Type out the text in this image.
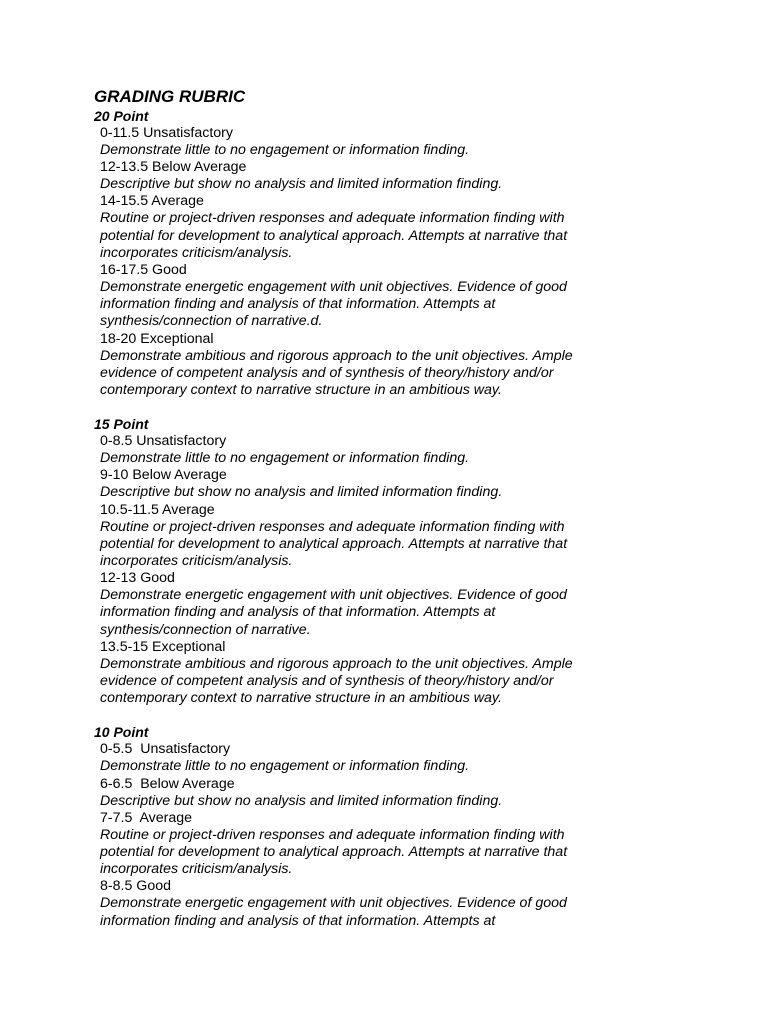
GRADING RUBRIC
20 Point
0-11.5 Unsatisfactory

Demonstrate little to no engagement or information finding.

12-13.5 Below Average

Descriptive but show no analysis and limited information finding.

14-15.5 Average

Routine or project-driven responses and adequate information finding with
potential for development to analytical approach. Attempts at narrative that
incorporates criticism/analysis.

16-17.5 Good

Demonstrate energetic engagement with unit objectives. Evidence of good
information finding and analysis of that information. Attempts at
synthesis/connection of narrative.d.

18-20 Exceptional

Demonstrate ambitious and rigorous approach to the unit objectives. Ample
evidence of competent analysis and of synthesis of theory/history and/or
contemporary context to narrative structure in an ambitious way.

15 Point
0-8.5 Unsatisfactory

Demonstrate little to no engagement or information finding.

9-10 Below Average

Descriptive but show no analysis and limited information finding.

10.5-11.5 Average

Routine or project-driven responses and adequate information finding with
potential for development to analytical approach. Attempts at narrative that
incorporates criticism/analysis.

12-13 Good

Demonstrate energetic engagement with unit objectives. Evidence of good
information finding and analysis of that information. Attempts at
synthesis/connection of narrative.

13.5-15 Exceptional

Demonstrate ambitious and rigorous approach to the unit objectives. Ample
evidence of competent analysis and of synthesis of theory/history and/or
contemporary context to narrative structure in an ambitious way.

10 Point
0-5.5  Unsatisfactory

Demonstrate little to no engagement or information finding.

6-6.5  Below Average

Descriptive but show no analysis and limited information finding.

7-7.5  Average

Routine or project-driven responses and adequate information finding with
potential for development to analytical approach. Attempts at narrative that
incorporates criticism/analysis.

8-8.5 Good

Demonstrate energetic engagement with unit objectives. Evidence of good
information finding and analysis of that information. Attempts at
